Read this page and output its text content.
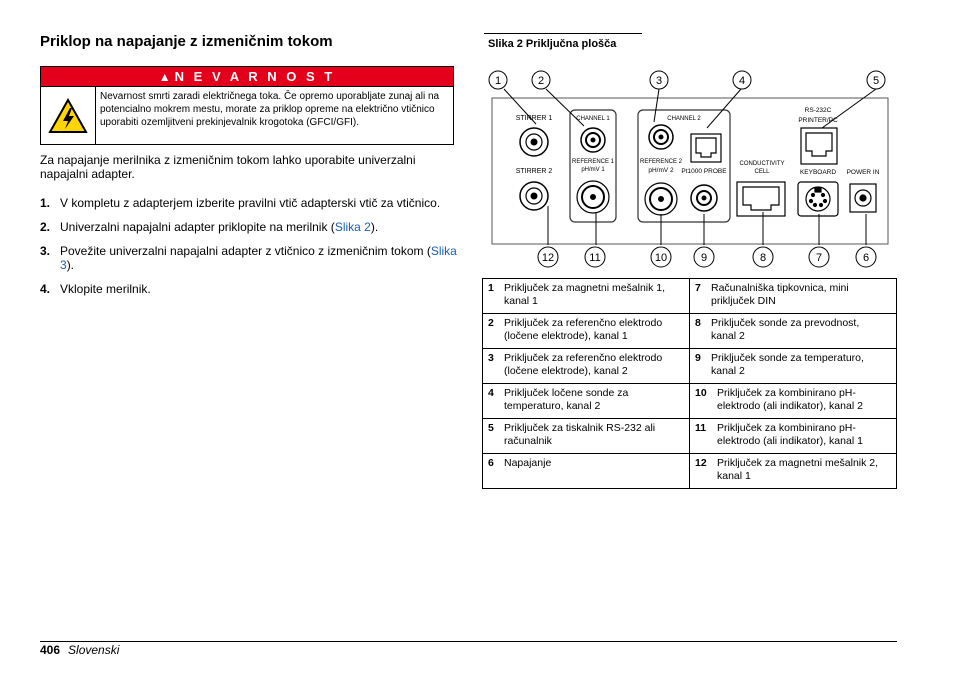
Priklop na napajanje z izmeničnim tokom
▲ N E V A R N O S T
Nevarnost smrti zaradi električnega toka. Če opremo uporabljate zunaj ali na potencialno mokrem mestu, morate za priklop opreme na električno vtičnico uporabiti ozemljitveni prekinjevalnik krogotoka (GFCI/GFI).
Za napajanje merilnika z izmeničnim tokom lahko uporabite univerzalni napajalni adapter.
1. V kompletu z adapterjem izberite pravilni vtič adapterski vtič za vtičnico.
2. Univerzalni napajalni adapter priklopite na merilnik (Slika 2).
3. Povežite univerzalni napajalni adapter z vtičnico z izmeničnim tokom (Slika 3).
4. Vklopite merilnik.
Slika 2 Priključna plošča
1	2	3	4	5
12	11	10	9	8	7	6
STIRRER 1
STIRRER 2
CHANNEL 1
REFERENCE 1
pH/mV 1
CHANNEL 2
REFERENCE 2
pH/mV 2 Pt1000 PROBE
CONDUCTIVITY
CELL
RS-232C
PRINTER/PC
KEYBOARD POWER IN
1 Priključek za magnetni mešalnik 1, kanal 1	7 Računalniška tipkovnica, mini priključek DIN
2 Priključek za referenčno elektrodo (ločene elektrode), kanal 1	8 Priključek sonde za prevodnost, kanal 2
3 Priključek za referenčno elektrodo (ločene elektrode), kanal 2	9 Priključek sonde za temperaturo, kanal 2
4 Priključek ločene sonde za temperaturo, kanal 2	10 Priključek za kombinirano pH-elektrodo (ali indikator), kanal 2
5 Priključek za tiskalnik RS-232 ali računalnik	11 Priključek za kombinirano pH-elektrodo (ali indikator), kanal 1
6 Napajanje	12 Priključek za magnetni mešalnik 2, kanal 1
406 Slovenski
